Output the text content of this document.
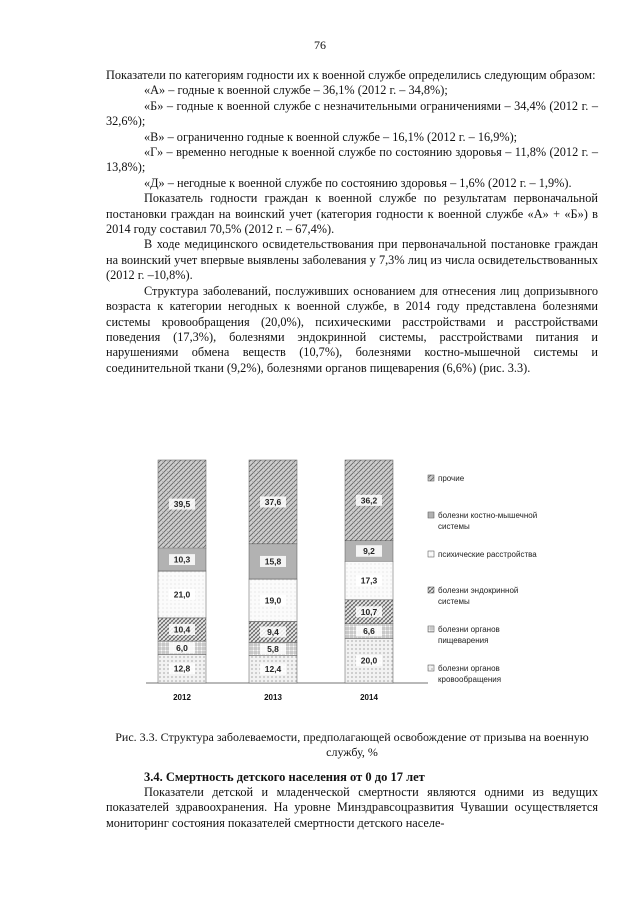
76

Показатели по категориям годности их к военной службе определились следующим образом:

«А» – годные к военной службе – 36,1% (2012 г. – 34,8%);

«Б» – годные к военной службе с незначительными ограничениями – 34,4% (2012 г. – 32,6%);

«В» – ограниченно годные к военной службе – 16,1% (2012 г. – 16,9%);

«Г» – временно негодные к военной службе по состоянию здоровья – 11,8% (2012 г. – 13,8%);

«Д» – негодные к военной службе по состоянию здоровья – 1,6% (2012 г. – 1,9%).

Показатель годности граждан к военной службе по результатам первоначальной постановки граждан на воинский учет (категория годности к военной службе «А» + «Б») в 2014 году составил 70,5% (2012 г. – 67,4%).

В ходе медицинского освидетельствования при первоначальной постановке граждан на воинский учет впервые выявлены заболевания у 7,3% лиц из числа освидетельствованных (2012 г. –10,8%).

Структура заболеваний, послуживших основанием для отнесения лиц допризывного возраста к категории негодных к военной службе, в 2014 году представлена болезнями системы кровообращения (20,0%), психическими расстройствами и расстройствами поведения (17,3%), болезнями эндокринной системы, расстройствами питания и нарушениями обмена веществ (10,7%), болезнями костно-мышечной системы и соединительной ткани (9,2%), болезнями органов пищеварения (6,6%) (рис. 3.3).

12,8
6,0
10,4
21,0
10,3
39,5
2012
12,4
5,8
9,4
19,0
15,8
37,6
2013
20,0
6,6
10,7
17,3
9,2
36,2
2014
прочие
болезни костно-мышечной
системы
психические расстройства
болезни эндокринной
системы
болезни органов
пищеварения
болезни органов
кровообращения
Рис. 3.3. Структура заболеваемости, предполагающей освобождение от призыва на военную службу, %
3.4. Смертность детского населения от 0 до 17 лет

Показатели детской и младенческой смертности являются одними из ведущих показателей здравоохранения. На уровне Минздравсоцразвития Чувашии осуществляется мониторинг состояния показателей смертности детского населе-
